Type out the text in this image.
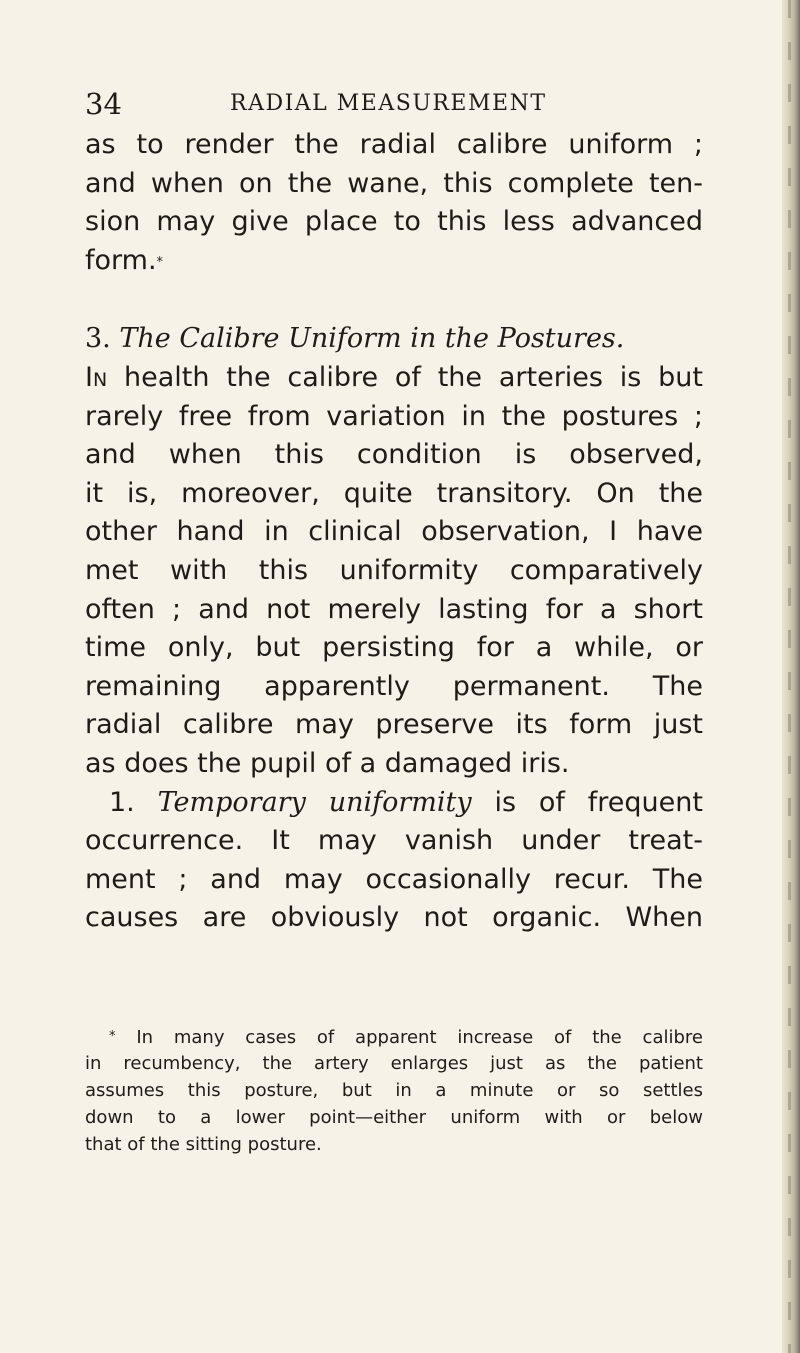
34	RADIAL MEASUREMENT
as to render the radial calibre uniform ;
and when on the wane, this complete ten-
sion may give place to this less advanced
form.*
3. The Calibre Uniform in the Postures.
In health the calibre of the arteries is but
rarely free from variation in the postures ;
and when this condition is observed,
it is, moreover, quite transitory. On the
other hand in clinical observation, I have
met with this uniformity comparatively
often ; and not merely lasting for a short
time only, but persisting for a while, or
remaining apparently permanent. The
radial calibre may preserve its form just
as does the pupil of a damaged iris.
1. Temporary uniformity is of frequent
occurrence. It may vanish under treat-
ment ; and may occasionally recur. The
causes are obviously not organic. When
* In many cases of apparent increase of the calibre
in recumbency, the artery enlarges just as the patient
assumes this posture, but in a minute or so settles
down to a lower point—either uniform with or below
that of the sitting posture.
